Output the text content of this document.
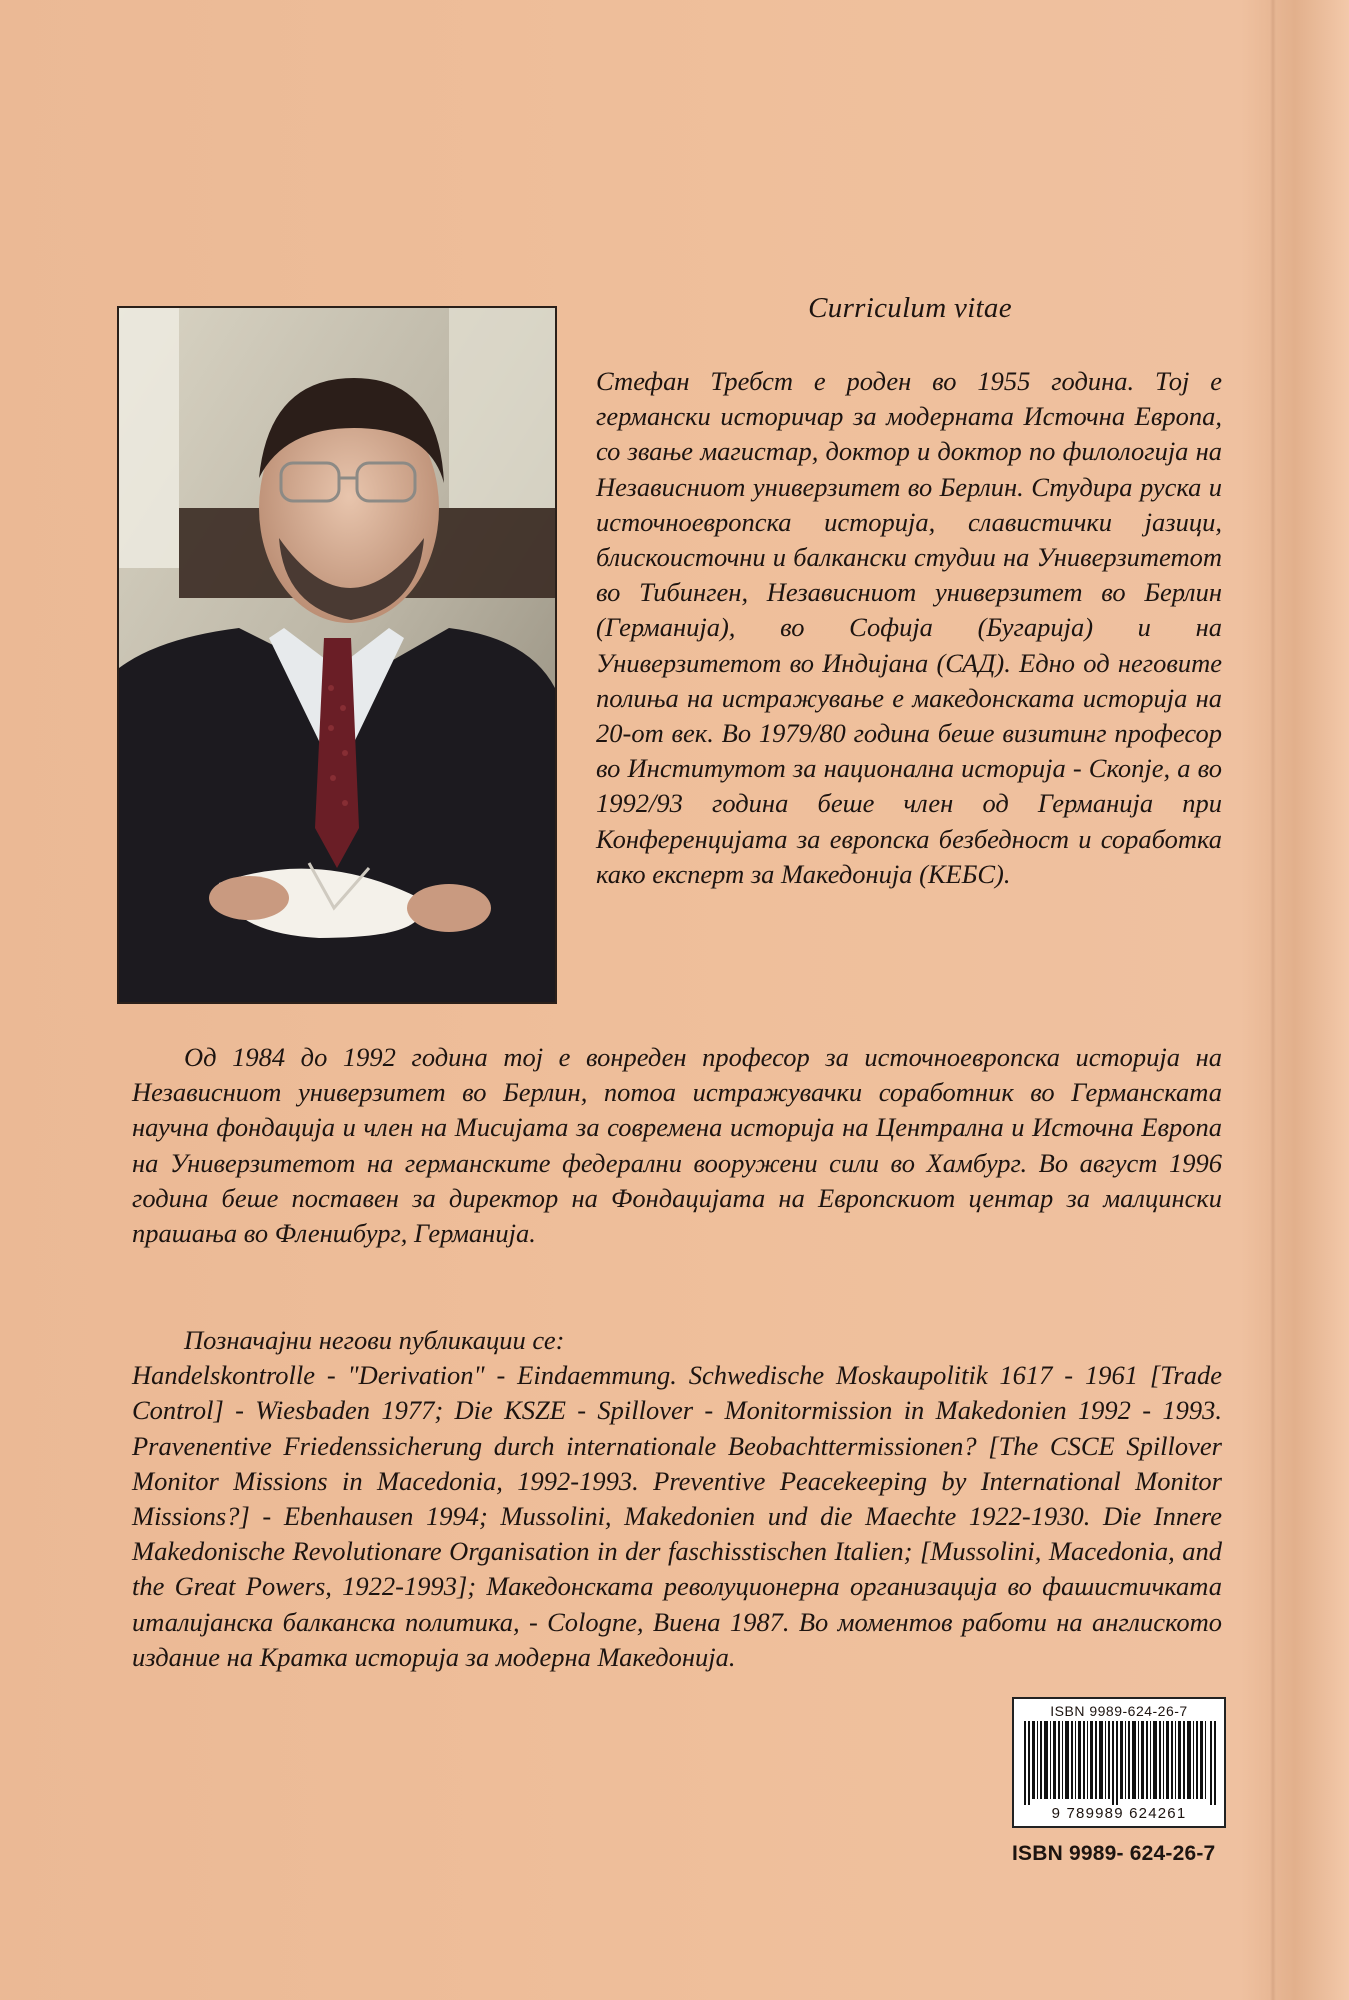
Curriculum vitae

Стефан Требст е роден во 1955 година. Тој е германски историчар за модерната Источна Европа, со звање магистар, доктор и доктор по филологија на Независниот универзитет во Берлин. Студира руска и источноевропска историја, славистички јазици, блискоисточни и балкански студии на Универзитетот во Тибинген, Независниот универзитет во Берлин (Германија), во Софија (Бугарија) и на Универзитетот во Индијана (САД). Едно од неговите полиња на истражување е македонската историја на 20-от век. Во 1979/80 година беше визитинг професор во Институтот за национална историја - Скопје, а во 1992/93 година беше член од Германија при Конференцијата за европска безбедност и соработка како експерт за Македонија (КЕБС).

Од 1984 до 1992 година тој е вонреден професор за источноевропска историја на Независниот универзитет во Берлин, потоа истражувачки соработник во Германската научна фондација и член на Мисијата за современа историја на Централна и Источна Европа на Универзитетот на германските федерални вооружени сили во Хамбург. Во август 1996 година беше поставен за директор на Фондацијата на Европскиот центар за малцински прашања во Фленшбург, Германија.

Позначајни негови публикации се:
Handelskontrolle - "Derivation" - Eindaemmung. Schwedische Moskaupolitik 1617 - 1961 [Trade Control] - Wiesbaden 1977; Die KSZE - Spillover - Monitormission in Makedonien 1992 - 1993. Pravenentive Friedenssicherung durch internationale Beobachttermissionen? [The CSCE Spillover Monitor Missions in Macedonia, 1992-1993. Preventive Peacekeeping by International Monitor Missions?] - Ebenhausen 1994; Mussolini, Makedonien und die Maechte 1922-1930. Die Innere Makedonische Revolutionare Organisation in der faschisstischen Italien; [Mussolini, Macedonia, and the Great Powers, 1922-1993]; Македонската револуционерна организација во фашистичката италијанска балканска политика, - Cologne, Виена 1987. Во моментов работи на англиското издание на Кратка историја за модерна Македонија.

ISBN 9989-624-26-7
9 789989 624261
ISBN 9989- 624-26-7
